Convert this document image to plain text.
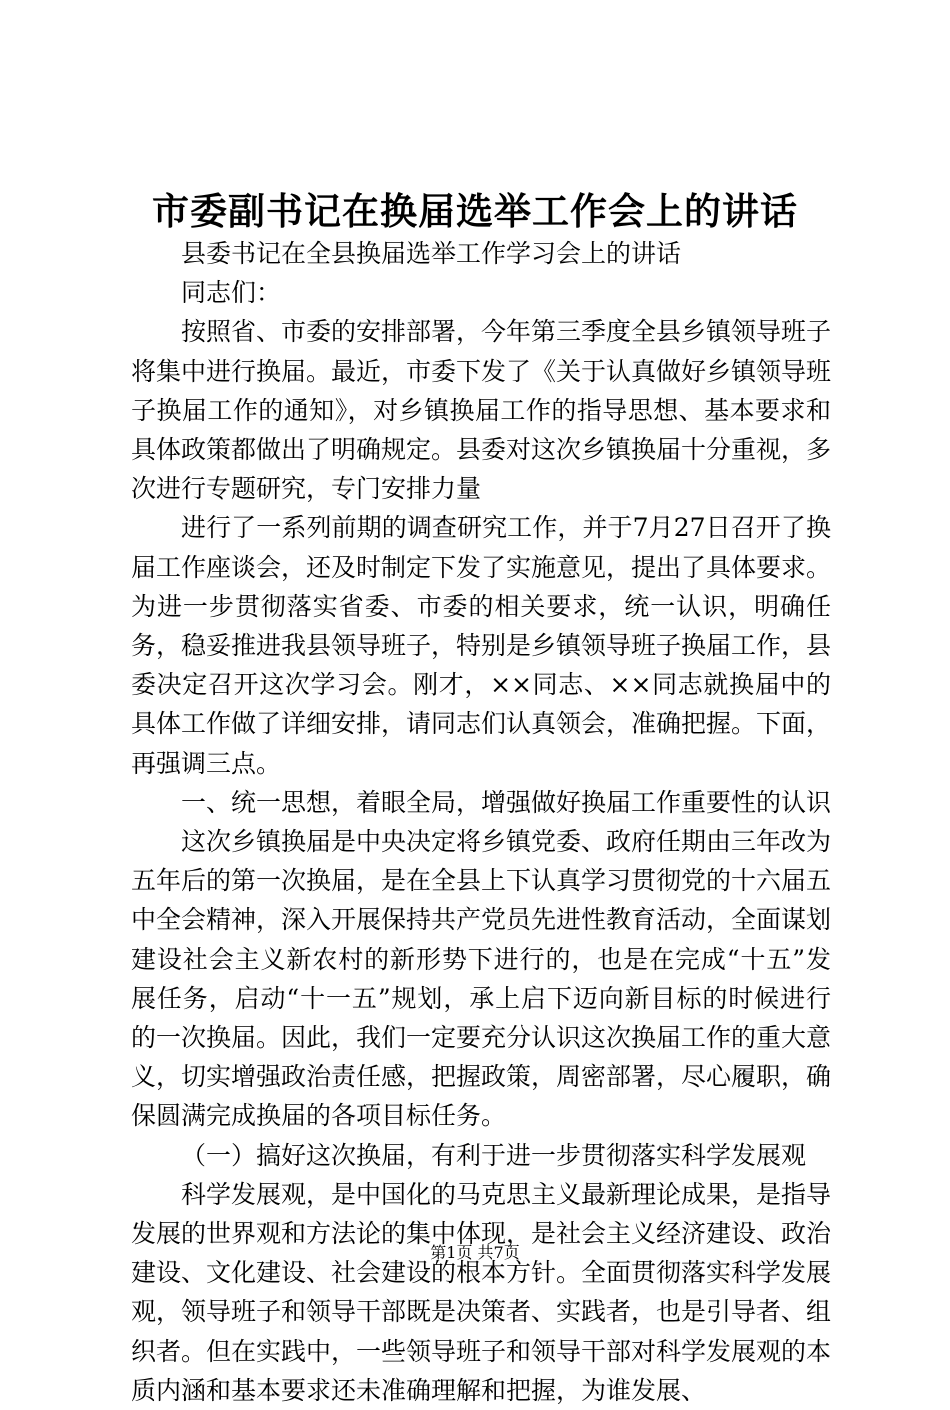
市委副书记在换届选举工作会上的讲话

县委书记在全县换届选举工作学习会上的讲话

同志们：

按照省、市委的安排部署，今年第三季度全县乡镇领导班子将集中进行换届。最近，市委下发了《关于认真做好乡镇领导班子换届工作的通知》，对乡镇换届工作的指导思想、基本要求和具体政策都做出了明确规定。县委对这次乡镇换届十分重视，多次进行专题研究，专门安排力量

进行了一系列前期的调查研究工作，并于7月27日召开了换届工作座谈会，还及时制定下发了实施意见，提出了具体要求。为进一步贯彻落实省委、市委的相关要求，统一认识，明确任务，稳妥推进我县领导班子，特别是乡镇领导班子换届工作，县委决定召开这次学习会。刚才，××同志、××同志就换届中的具体工作做了详细安排，请同志们认真领会，准确把握。下面，再强调三点。

一、统一思想，着眼全局，增强做好换届工作重要性的认识

这次乡镇换届是中央决定将乡镇党委、政府任期由三年改为五年后的第一次换届，是在全县上下认真学习贯彻党的十六届五中全会精神，深入开展保持共产党员先进性教育活动，全面谋划建设社会主义新农村的新形势下进行的，也是在完成“十五”发展任务，启动“十一五”规划，承上启下迈向新目标的时候进行的一次换届。因此，我们一定要充分认识这次换届工作的重大意义，切实增强政治责任感，把握政策，周密部署，尽心履职，确保圆满完成换届的各项目标任务。

（一）搞好这次换届，有利于进一步贯彻落实科学发展观

科学发展观，是中国化的马克思主义最新理论成果，是指导发展的世界观和方法论的集中体现，是社会主义经济建设、政治建设、文化建设、社会建设的根本方针。全面贯彻落实科学发展观，领导班子和领导干部既是决策者、实践者，也是引导者、组织者。但在实践中，一些领导班子和领导干部对科学发展观的本质内涵和基本要求还未准确理解和把握，为谁发展、

第1页 共7页
